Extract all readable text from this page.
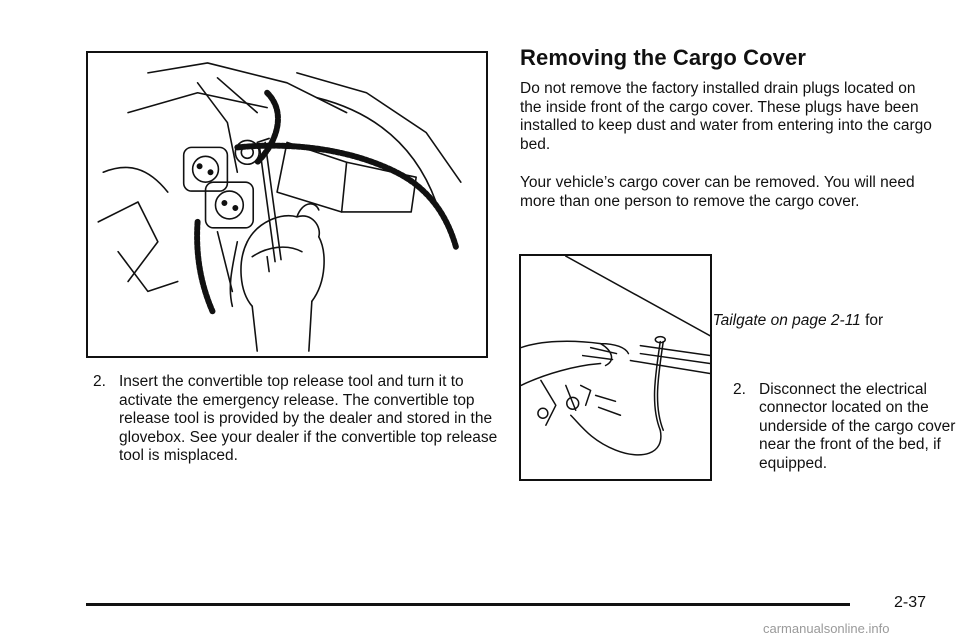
2. Insert the convertible top release tool and turn it to activate the emergency release. The convertible top release tool is provided by the dealer and stored in the glovebox. See your dealer if the convertible top release tool is misplaced.
Removing the Cargo Cover
Do not remove the factory installed drain plugs located on the inside front of the cargo cover. These plugs have been installed to keep dust and water from entering into the cargo bed.
Your vehicle’s cargo cover can be removed. You will need more than one person to remove the cargo cover.
Tailgate on page 2-11 for
2. Disconnect the electrical connector located on the underside of the cargo cover near the front of the bed, if equipped.
2-37
carmanualsonline.info
